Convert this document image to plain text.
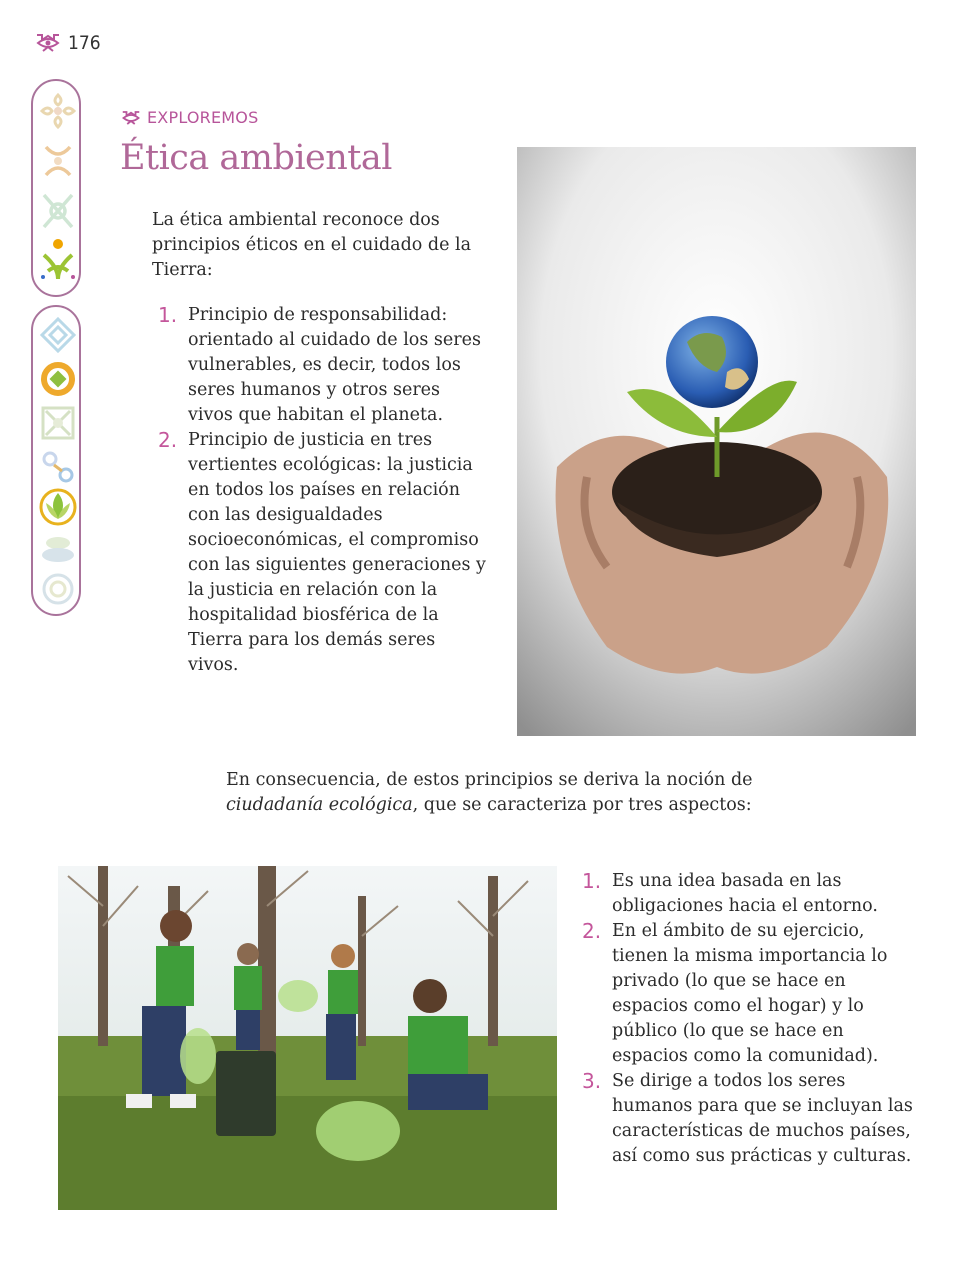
176
EXPLOREMOS
Ética ambiental

La ética ambiental reconoce dos principios éticos en el cuidado de la Tierra:

1. Principio de responsabilidad: orientado al cuidado de los seres vulnerables, es decir, todos los seres humanos y otros seres vivos que habitan el planeta.
2. Principio de justicia en tres vertientes ecológicas: la justicia en todos los países en relación con las desigualdades socioeconómicas, el compromiso con las siguientes generaciones y la justicia en relación con la hospitalidad biosférica de la Tierra para los demás seres vivos.

En consecuencia, de estos principios se deriva la noción de ciudadanía ecológica, que se caracteriza por tres aspectos:

1. Es una idea basada en las obligaciones hacia el entorno.
2. En el ámbito de su ejercicio, tienen la misma importancia lo privado (lo que se hace en espacios como el hogar) y lo público (lo que se hace en espacios como la comunidad).
3. Se dirige a todos los seres humanos para que se incluyan las características de muchos países, así como sus prácticas y culturas.
